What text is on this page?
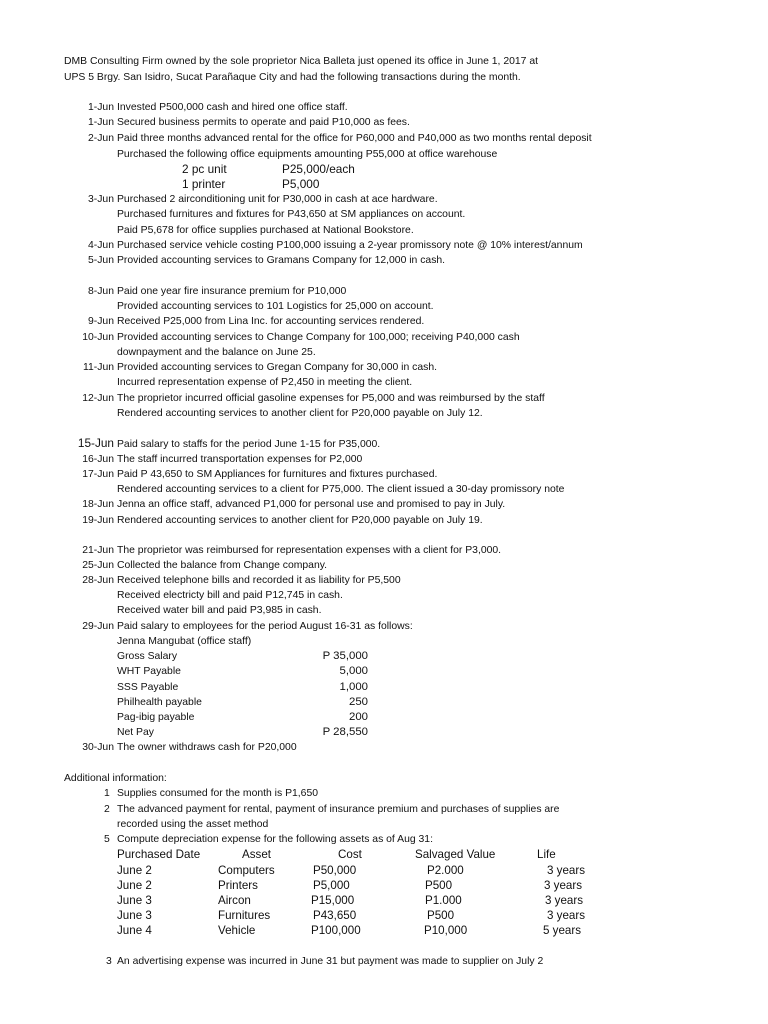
DMB Consulting Firm owned by the sole proprietor Nica Balleta just opened its office in June 1, 2017 at
UPS 5 Brgy. San Isidro, Sucat Parañaque City and had the following transactions during the month.
1-Jun Invested P500,000 cash and hired one office staff.
1-Jun Secured business permits to operate and paid P10,000 as fees.
2-Jun Paid three months advanced rental for the office for P60,000 and P40,000 as two months rental deposit
Purchased the following office equipments amounting P55,000 at office warehouse
2 pc unit	P25,000/each
1 printer	P5,000
3-Jun Purchased 2 airconditioning unit for P30,000 in cash at ace hardware.
Purchased furnitures and fixtures for P43,650 at SM appliances on account.
Paid P5,678 for office supplies purchased at National Bookstore.
4-Jun Purchased service vehicle costing P100,000 issuing a 2-year promissory note @ 10% interest/annum
5-Jun Provided accounting services to Gramans Company for 12,000 in cash.
8-Jun Paid one year fire insurance premium for P10,000
Provided accounting services to 101 Logistics for 25,000 on account.
9-Jun Received P25,000 from Lina Inc. for accounting services rendered.
10-Jun Provided accounting services to Change Company for 100,000; receiving P40,000 cash
downpayment and the balance on June 25.
11-Jun Provided accounting services to Gregan Company for 30,000 in cash.
Incurred representation expense of P2,450 in meeting the client.
12-Jun The proprietor incurred official gasoline expenses for P5,000 and was reimbursed by the staff
Rendered accounting services to another client for P20,000 payable on July 12.
15-Jun Paid salary to staffs for the period June 1-15 for P35,000.
16-Jun The staff incurred transportation expenses for P2,000
17-Jun Paid P 43,650 to SM Appliances for furnitures and fixtures purchased.
Rendered accounting services to a client for P75,000. The client issued a 30-day promissory note
18-Jun Jenna an office staff, advanced P1,000 for personal use and promised to pay in July.
19-Jun Rendered accounting services to another client for P20,000 payable on July 19.
21-Jun The proprietor was reimbursed for representation expenses with a client for P3,000.
25-Jun Collected the balance from Change company.
28-Jun Received telephone bills and recorded it as liability for P5,500
Received electricty bill and paid P12,745 in cash.
Received water bill and paid P3,985 in cash.
29-Jun Paid salary to employees for the period August 16-31 as follows:
Jenna Mangubat (office staff)
Gross Salary	P 35,000
WHT Payable	5,000
SSS Payable	1,000
Philhealth payable	250
Pag-ibig payable	200
Net Pay	P 28,550
30-Jun The owner withdraws cash for P20,000
Additional information:
1 Supplies consumed for the month is P1,650
2 The advanced payment for rental, payment of insurance premium and purchases of supplies are
recorded using the asset method
5 Compute depreciation expense for the following assets as of Aug 31:
Purchased Date	Asset	Cost	Salvaged Value	Life
June 2	Computers	P50,000	P2.000	3 years
June 2	Printers	P5,000	P500	3 years
June 3	Aircon	P15,000	P1.000	3 years
June 3	Furnitures	P43,650	P500	3 years
June 4	Vehicle	P100,000	P10,000	5 years
3 An advertising expense was incurred in June 31 but payment was made to supplier on July 2
